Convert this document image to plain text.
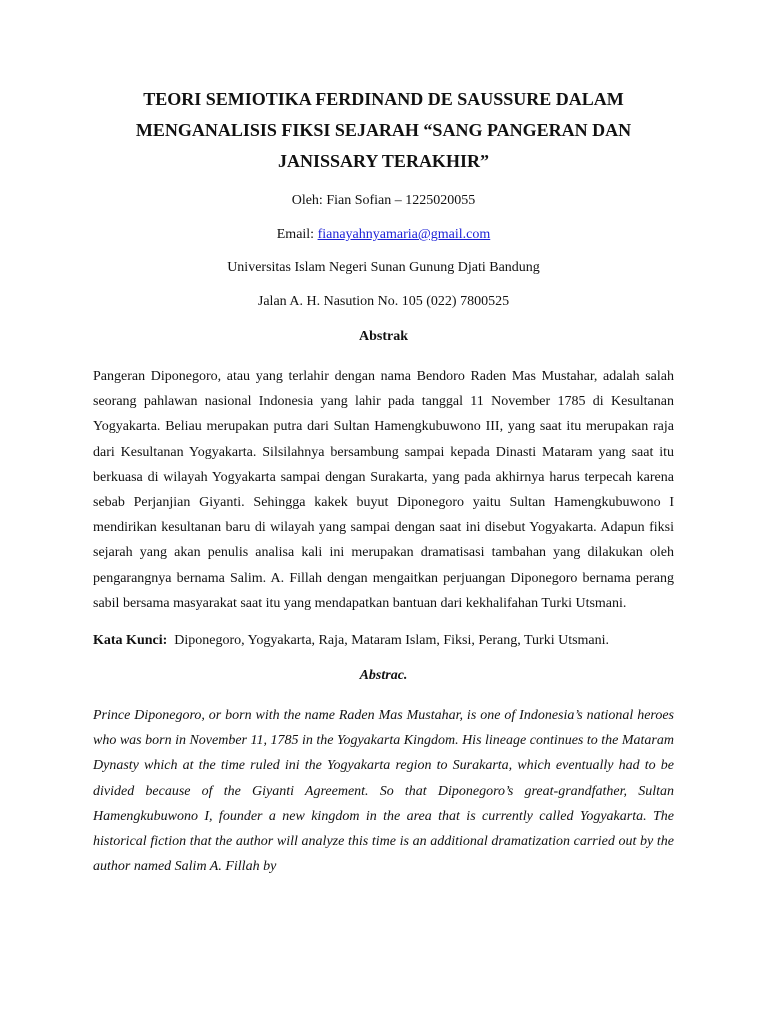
TEORI SEMIOTIKA FERDINAND DE SAUSSURE DALAM
MENGANALISIS FIKSI SEJARAH “SANG PANGERAN DAN
JANISSARY TERAKHIR”

Oleh: Fian Sofian – 1225020055

Email: fianayahnyamaria@gmail.com

Universitas Islam Negeri Sunan Gunung Djati Bandung

Jalan A. H. Nasution No. 105 (022) 7800525

Abstrak

Pangeran Diponegoro, atau yang terlahir dengan nama Bendoro Raden Mas Mustahar, adalah salah seorang pahlawan nasional Indonesia yang lahir pada tanggal 11 November 1785 di Kesultanan Yogyakarta. Beliau merupakan putra dari Sultan Hamengkubuwono III, yang saat itu merupakan raja dari Kesultanan Yogyakarta. Silsilahnya bersambung sampai kepada Dinasti Mataram yang saat itu berkuasa di wilayah Yogyakarta sampai dengan Surakarta, yang pada akhirnya harus terpecah karena sebab Perjanjian Giyanti. Sehingga kakek buyut Diponegoro yaitu Sultan Hamengkubuwono I mendirikan kesultanan baru di wilayah yang sampai dengan saat ini disebut Yogyakarta. Adapun fiksi sejarah yang akan penulis analisa kali ini merupakan dramatisasi tambahan yang dilakukan oleh pengarangnya bernama Salim. A. Fillah dengan mengaitkan perjuangan Diponegoro bernama perang sabil bersama masyarakat saat itu yang mendapatkan bantuan dari kekhalifahan Turki Utsmani.

Kata Kunci: Diponegoro, Yogyakarta, Raja, Mataram Islam, Fiksi, Perang, Turki Utsmani.

Abstrac.

Prince Diponegoro, or born with the name Raden Mas Mustahar, is one of Indonesia’s national heroes who was born in November 11, 1785 in the Yogyakarta Kingdom. His lineage continues to the Mataram Dynasty which at the time ruled ini the Yogyakarta region to Surakarta, which eventually had to be divided because of the Giyanti Agreement. So that Diponegoro’s great-grandfather, Sultan Hamengkubuwono I, founder a new kingdom in the area that is currently called Yogyakarta. The historical fiction that the author will analyze this time is an additional dramatization carried out by the author named Salim A. Fillah by
